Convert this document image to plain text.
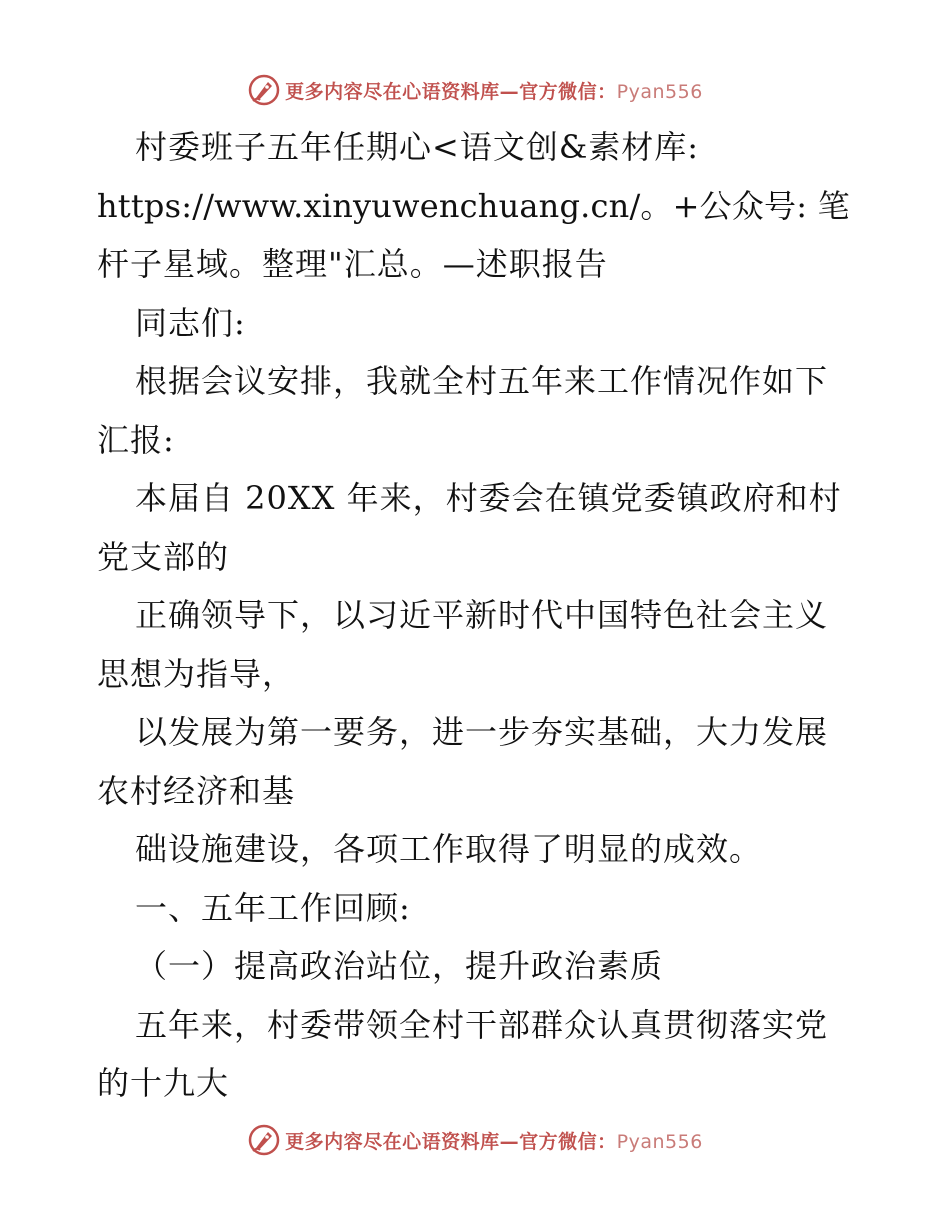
更多内容尽在心语资料库—官方微信：Pyan556
村委班子五年任期心<语文创&素材库:
https://www.xinyuwenchuang.cn/。+公众号: 笔
杆子星域。整理"汇总。—述职报告
同志们:
根据会议安排，我就全村五年来工作情况作如下
汇报:
本届自 20XX 年来，村委会在镇党委镇政府和村
党支部的
正确领导下，以习近平新时代中国特色社会主义
思想为指导，
以发展为第一要务，进一步夯实基础，大力发展
农村经济和基
础设施建设，各项工作取得了明显的成效。
一、五年工作回顾:
（一）提高政治站位，提升政治素质
五年来，村委带领全村干部群众认真贯彻落实党
的十九大
更多内容尽在心语资料库—官方微信：Pyan556
